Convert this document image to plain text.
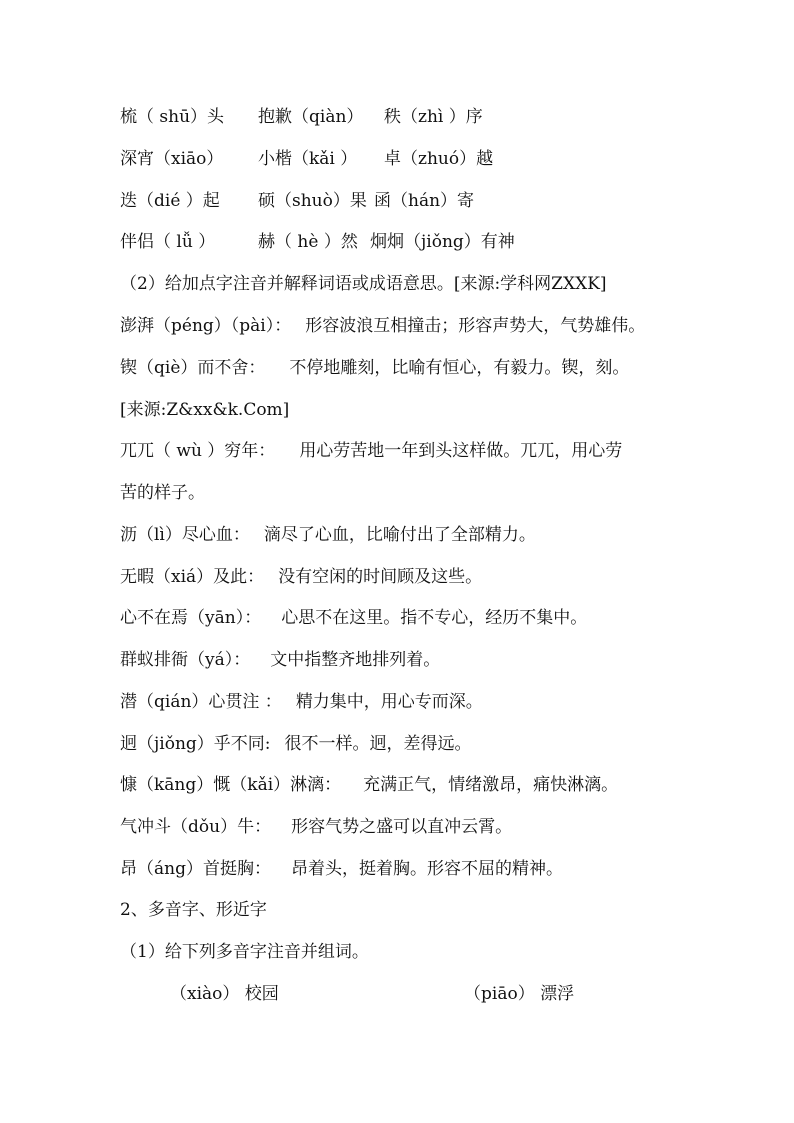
梳（ shū）头 抱歉（qiàn） 秩（zhì ）序
深宵（xiāo） 小楷（kǎi ） 卓（zhuó）越
迭（dié ）起 硕（shuò）果 函（hán）寄
伴侣（ lǚ ）	赫（ hè ）然 炯炯（jiǒng）有神
（2）给加点字注音并解释词语或成语意思。[来源:学科网ZXXK]
澎湃（péng）（pài）： 形容波浪互相撞击；形容声势大，气势雄伟。
锲（qiè）而不舍： 不停地雕刻，比喻有恒心，有毅力。锲，刻。
[来源:Z&xx&k.Com]
兀兀（ wù ）穷年： 用心劳苦地一年到头这样做。兀兀，用心劳
苦的样子。
沥（lì）尽心血： 滴尽了心血，比喻付出了全部精力。
无暇（xiá）及此： 没有空闲的时间顾及这些。
心不在焉（yān）： 心思不在这里。指不专心，经历不集中。
群蚁排衙（yá）： 文中指整齐地排列着。
潜（qián）心贯注 ： 精力集中，用心专而深。
迥（jiǒng）乎不同: 很不一样。迥，差得远。
慷（kāng）慨（kǎi）淋漓： 充满正气，情绪激昂，痛快淋漓。
气冲斗（dǒu）牛： 形容气势之盛可以直冲云霄。
昂（áng）首挺胸： 昂着头，挺着胸。形容不屈的精神。
2、多音字、形近字
（1）给下列多音字注音并组词。
（xiào） 校园	（piāo） 漂浮
